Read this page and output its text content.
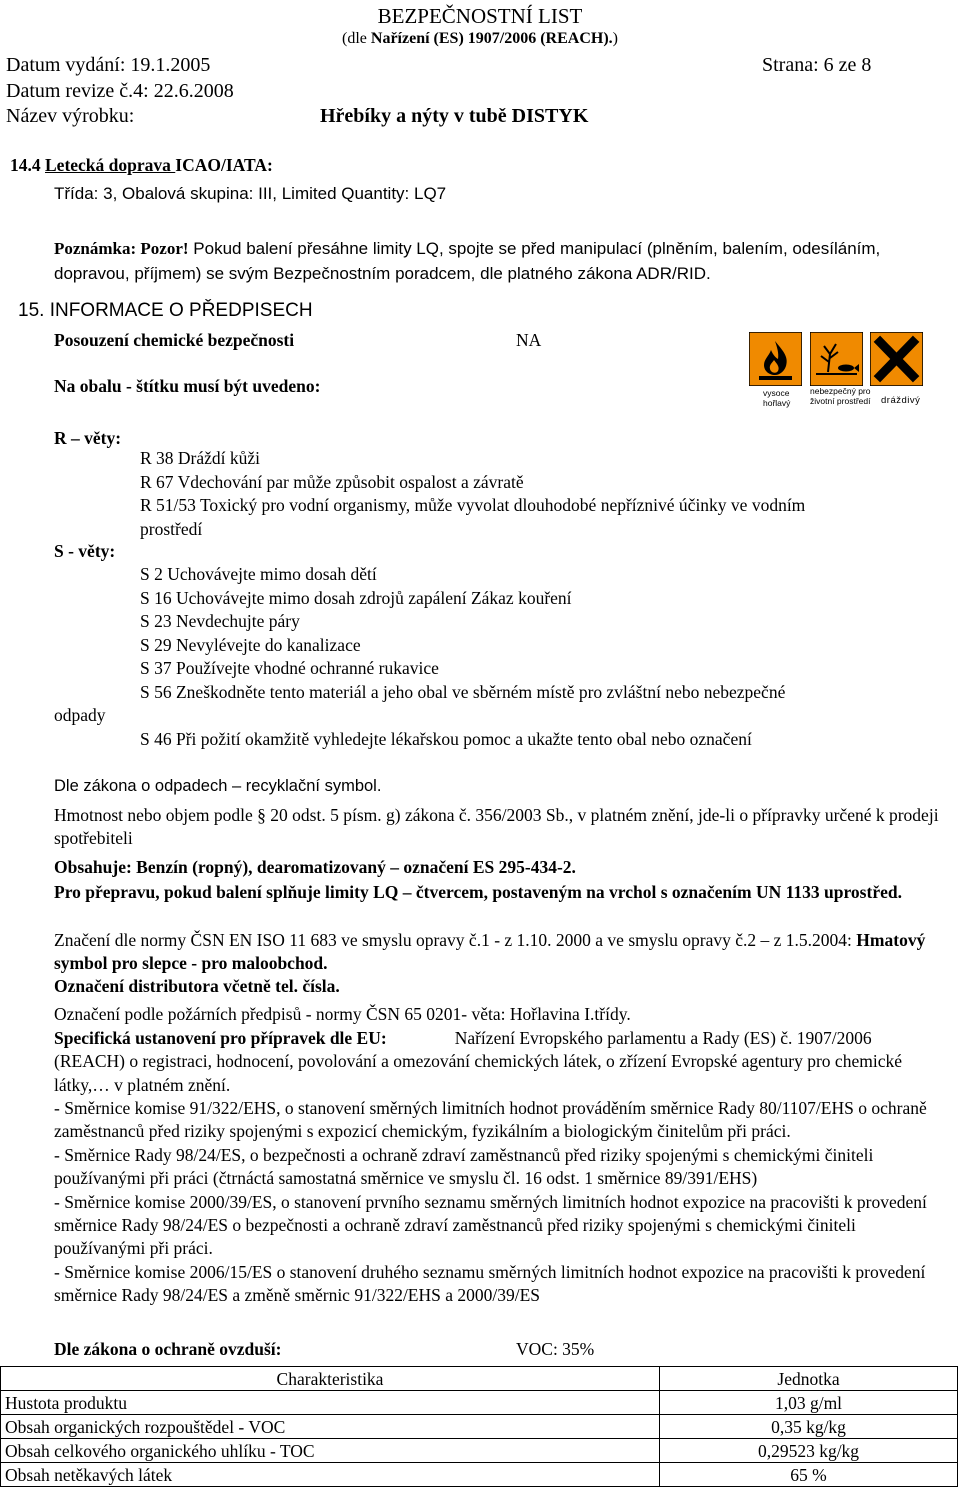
BEZPEČNOSTNÍ LIST
(dle Nařízení (ES) 1907/2006 (REACH).)
Datum vydání: 19.1.2005	Strana: 6 ze 8
Datum revize č.4: 22.6.2008
Název výrobku:	Hřebíky a nýty v tubě DISTYK
14.4 Letecká doprava ICAO/IATA:
Třída: 3, Obalová skupina: III, Limited Quantity: LQ7
Poznámka: Pozor! Pokud balení přesáhne limity LQ, spojte se před manipulací (plněním, balením, odesíláním, dopravou, příjmem) se svým Bezpečnostním poradcem, dle platného zákona ADR/RID.
15. INFORMACE O PŘEDPISECH
Posouzení chemické bezpečnosti	NA
Na obalu - štítku musí být uvedeno:	vysoce
hořlavý
nebezpečný pro
životní prostředí dráždivý
R – věty:
R 38 Dráždí kůži
R 67 Vdechování par může způsobit ospalost a závratě
R 51/53 Toxický pro vodní organismy, může vyvolat dlouhodobé nepříznivé účinky ve vodním
prostředí
S - věty:
S 2 Uchovávejte mimo dosah dětí
S 16 Uchovávejte mimo dosah zdrojů zapálení Zákaz kouření
S 23 Nevdechujte páry
S 29 Nevylévejte do kanalizace
S 37 Používejte vhodné ochranné rukavice
S 56 Zneškodněte tento materiál a jeho obal ve sběrném místě pro zvláštní nebo nebezpečné
S 46 Při požití okamžitě vyhledejte lékařskou pomoc a ukažte tento obal nebo označení
odpady
Dle zákona o odpadech – recyklační symbol.
Hmotnost nebo objem podle § 20 odst. 5 písm. g) zákona č. 356/2003 Sb., v platném znění, jde-li o přípravky určené k prodeji spotřebiteli
Obsahuje: Benzín (ropný), dearomatizovaný – označení ES 295-434-2.
Pro přepravu, pokud balení splňuje limity LQ – čtvercem, postaveným na vrchol s označením UN 1133 uprostřed.
Značení dle normy ČSN EN ISO 11 683 ve smyslu opravy č.1 - z 1.10. 2000 a ve smyslu opravy č.2 – z 1.5.2004: Hmatový symbol pro slepce - pro maloobchod.
Označení distributora včetně tel. čísla.
Označení podle požárních předpisů - normy ČSN 65 0201- věta: Hořlavina I.třídy.
Specifická ustanovení pro přípravek dle EU:	Nařízení Evropského parlamentu a Rady (ES) č. 1907/2006 (REACH) o registraci, hodnocení, povolování a omezování chemických látek, o zřízení Evropské agentury pro chemické látky,… v platném znění.
- Směrnice komise 91/322/EHS, o stanovení směrných limitních hodnot prováděním směrnice Rady 80/1107/EHS o ochraně zaměstnanců před riziky spojenými s expozicí chemickým, fyzikálním a biologickým činitelům při práci.
- Směrnice Rady 98/24/ES, o bezpečnosti a ochraně zdraví zaměstnanců před riziky spojenými s chemickými činiteli používanými při práci (čtrnáctá samostatná směrnice ve smyslu čl. 16 odst. 1 směrnice 89/391/EHS)
- Směrnice komise 2000/39/ES, o stanovení prvního seznamu směrných limitních hodnot expozice na pracovišti k provedení směrnice Rady 98/24/ES o bezpečnosti a ochraně zdraví zaměstnanců před riziky spojenými s chemickými činiteli používanými při práci.
- Směrnice komise 2006/15/ES o stanovení druhého seznamu směrných limitních hodnot expozice na pracovišti k provedení směrnice Rady 98/24/ES a změně směrnic 91/322/EHS a 2000/39/ES
Dle zákona o ochraně ovzduší:	VOC: 35%
Charakteristika	Jednotka
Hustota produktu	1,03 g/ml
Obsah organických rozpouštědel - VOC	0,35 kg/kg
Obsah celkového organického uhlíku - TOC	0,29523 kg/kg
Obsah netěkavých látek	65 %
